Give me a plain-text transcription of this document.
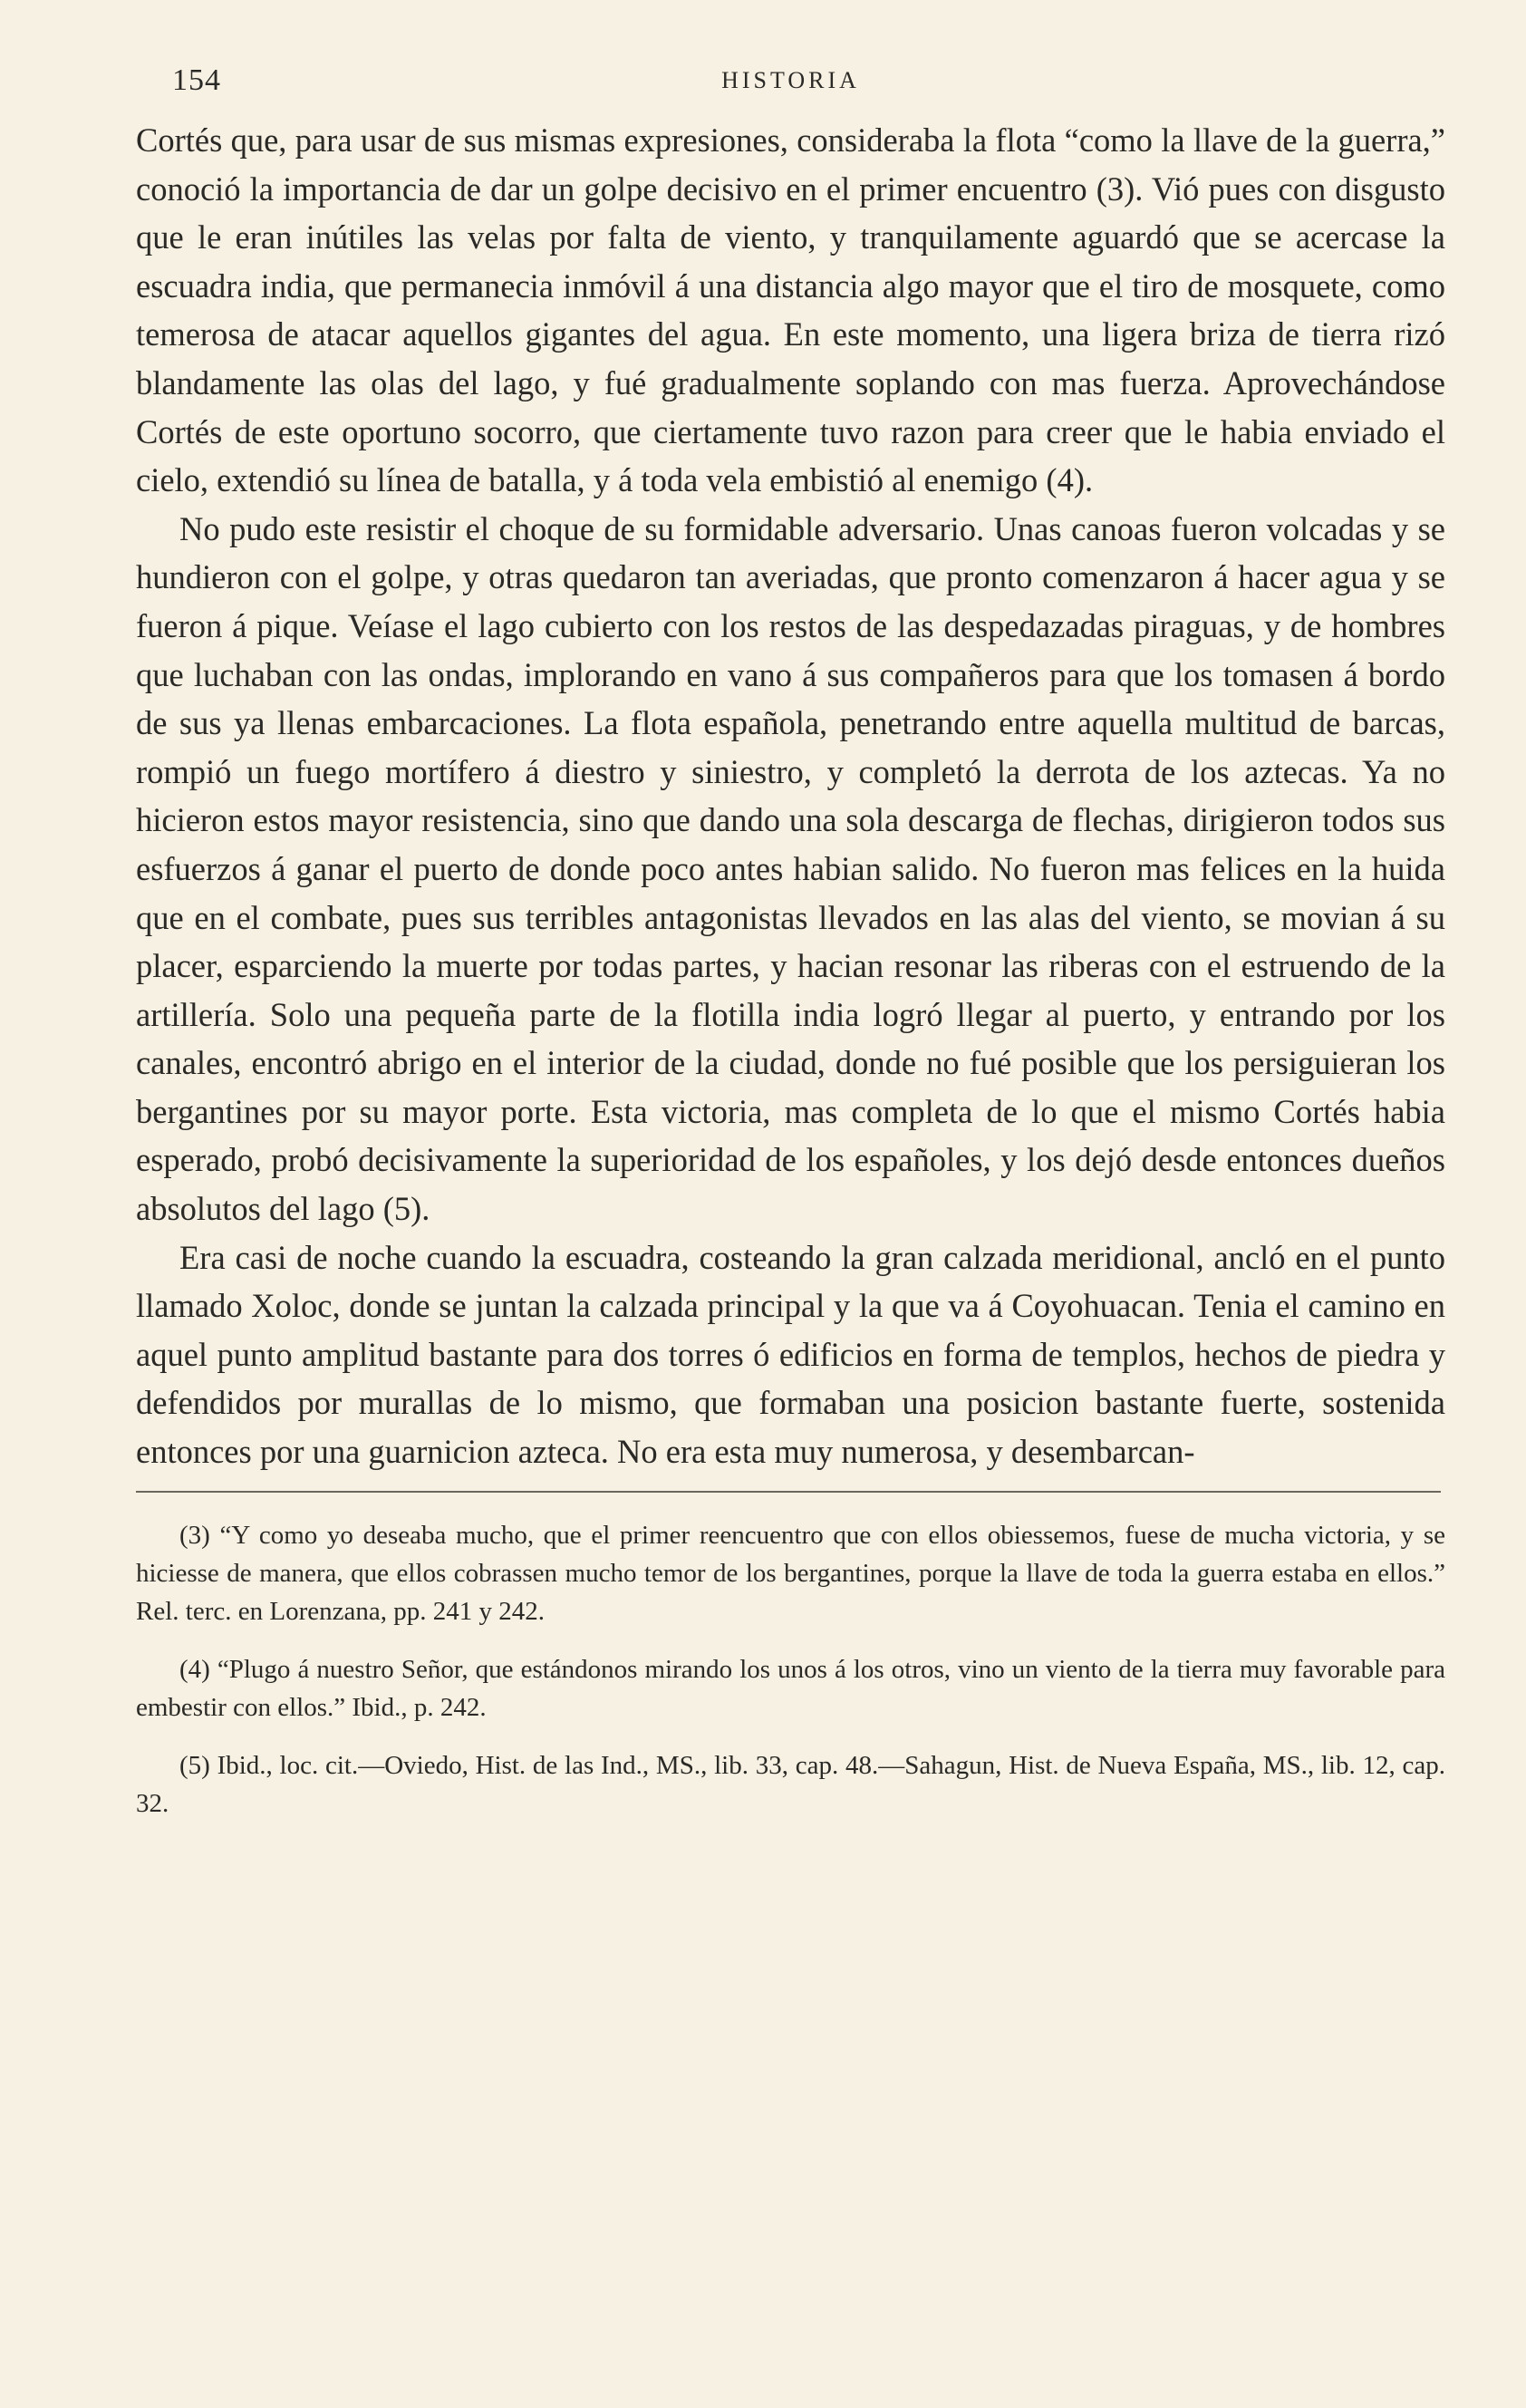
154	HISTORIA

Cortés que, para usar de sus mismas expresiones, consideraba la flota “como la llave de la guerra,” conoció la importancia de dar un golpe decisivo en el primer encuentro (3). Vió pues con disgusto que le eran inútiles las velas por falta de viento, y tranquilamente aguardó que se acercase la escuadra india, que permanecia inmóvil á una distancia algo mayor que el tiro de mosquete, como temerosa de atacar aquellos gigantes del agua. En este momento, una ligera briza de tierra rizó blandamente las olas del lago, y fué gradualmente soplando con mas fuerza. Aprovechándose Cortés de este oportuno socorro, que ciertamente tuvo razon para creer que le habia enviado el cielo, extendió su línea de batalla, y á toda vela embistió al enemigo (4).

No pudo este resistir el choque de su formidable adversario. Unas canoas fueron volcadas y se hundieron con el golpe, y otras quedaron tan averiadas, que pronto comenzaron á hacer agua y se fueron á pique. Veíase el lago cubierto con los restos de las despedazadas piraguas, y de hombres que luchaban con las ondas, implorando en vano á sus compañeros para que los tomasen á bordo de sus ya llenas embarcaciones. La flota española, penetrando entre aquella multitud de barcas, rompió un fuego mortífero á diestro y siniestro, y completó la derrota de los aztecas. Ya no hicieron estos mayor resistencia, sino que dando una sola descarga de flechas, dirigieron todos sus esfuerzos á ganar el puerto de donde poco antes habian salido. No fueron mas felices en la huida que en el combate, pues sus terribles antagonistas llevados en las alas del viento, se movian á su placer, esparciendo la muerte por todas partes, y hacian resonar las riberas con el estruendo de la artillería. Solo una pequeña parte de la flotilla india logró llegar al puerto, y entrando por los canales, encontró abrigo en el interior de la ciudad, donde no fué posible que los persiguieran los bergantines por su mayor porte. Esta victoria, mas completa de lo que el mismo Cortés habia esperado, probó decisivamente la superioridad de los españoles, y los dejó desde entonces dueños absolutos del lago (5).

Era casi de noche cuando la escuadra, costeando la gran calzada meridional, ancló en el punto llamado Xoloc, donde se juntan la calzada principal y la que va á Coyohuacan. Tenia el camino en aquel punto amplitud bastante para dos torres ó edificios en forma de templos, hechos de piedra y defendidos por murallas de lo mismo, que formaban una posicion bastante fuerte, sostenida entonces por una guarnicion azteca. No era esta muy numerosa, y desembarcan-

(3) “Y como yo deseaba mucho, que el primer reencuentro que con ellos obiessemos, fuese de mucha victoria, y se hiciesse de manera, que ellos cobrassen mucho temor de los bergantines, porque la llave de toda la guerra estaba en ellos.” Rel. terc. en Lorenzana, pp. 241 y 242.

(4) “Plugo á nuestro Señor, que estándonos mirando los unos á los otros, vino un viento de la tierra muy favorable para embestir con ellos.” Ibid., p. 242.

(5) Ibid., loc. cit.—Oviedo, Hist. de las Ind., MS., lib. 33, cap. 48.—Sahagun, Hist. de Nueva España, MS., lib. 12, cap. 32.
